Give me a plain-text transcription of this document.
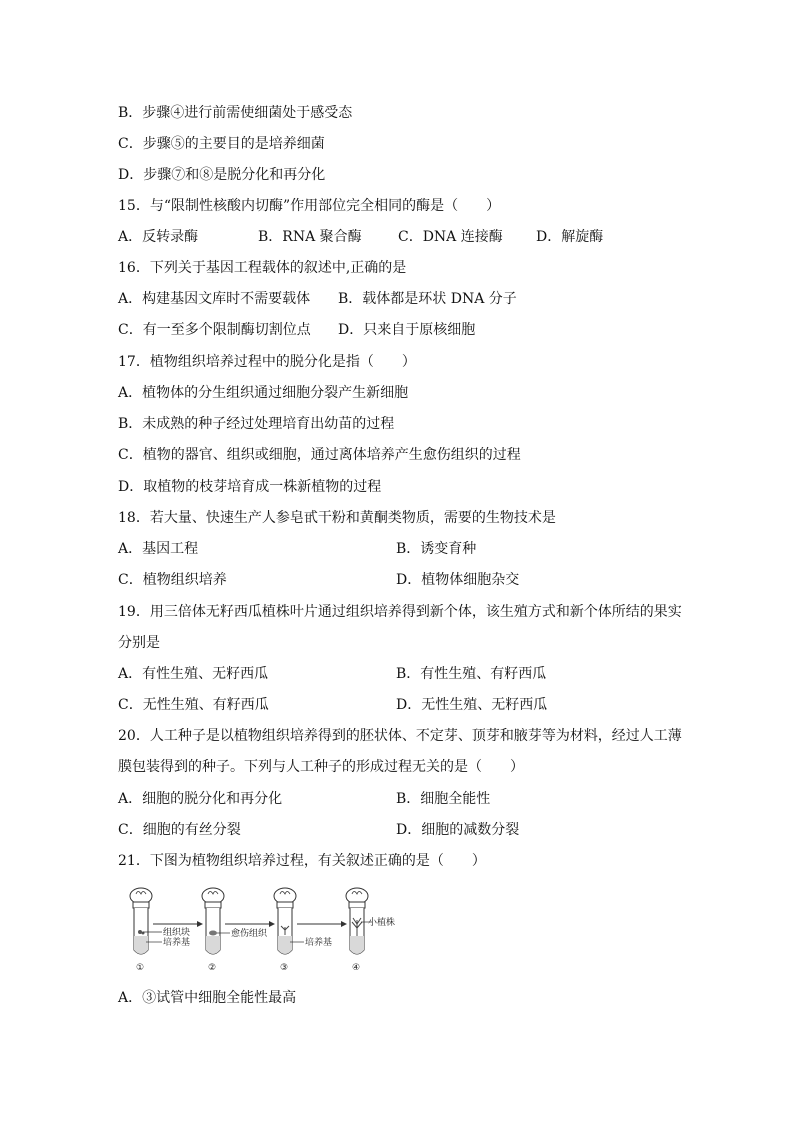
B．步骤④进行前需使细菌处于感受态
C．步骤⑤的主要目的是培养细菌
D．步骤⑦和⑧是脱分化和再分化
15．与“限制性核酸内切酶”作用部位完全相同的酶是（　　）
A．反转录酶	B．RNA 聚合酶	C．DNA 连接酶 D．解旋酶
16．下列关于基因工程载体的叙述中,正确的是
A．构建基因文库时不需要载体 B．载体都是环状 DNA 分子
C．有一至多个限制酶切割位点 D．只来自于原核细胞
17．植物组织培养过程中的脱分化是指（　　）
A．植物体的分生组织通过细胞分裂产生新细胞
B．未成熟的种子经过处理培育出幼苗的过程
C．植物的器官、组织或细胞，通过离体培养产生愈伤组织的过程
D．取植物的枝芽培育成一株新植物的过程
18．若大量、快速生产人参皂甙干粉和黄酮类物质，需要的生物技术是
A．基因工程	B．诱变育种
C．植物组织培养	D．植物体细胞杂交
19．用三倍体无籽西瓜植株叶片通过组织培养得到新个体，该生殖方式和新个体所结的果实
分别是
A．有性生殖、无籽西瓜	B．有性生殖、有籽西瓜
C．无性生殖、有籽西瓜	D．无性生殖、无籽西瓜
20．人工种子是以植物组织培养得到的胚状体、不定芽、顶芽和腋芽等为材料，经过人工薄
膜包装得到的种子。下列与人工种子的形成过程无关的是（　　）
A．细胞的脱分化和再分化	B．细胞全能性
C．细胞的有丝分裂	D．细胞的减数分裂
21．下图为植物组织培养过程，有关叙述正确的是（　　）
组织块
培养基
愈伤组织
培养基
小植株
①	②	③	④
A．③试管中细胞全能性最高
